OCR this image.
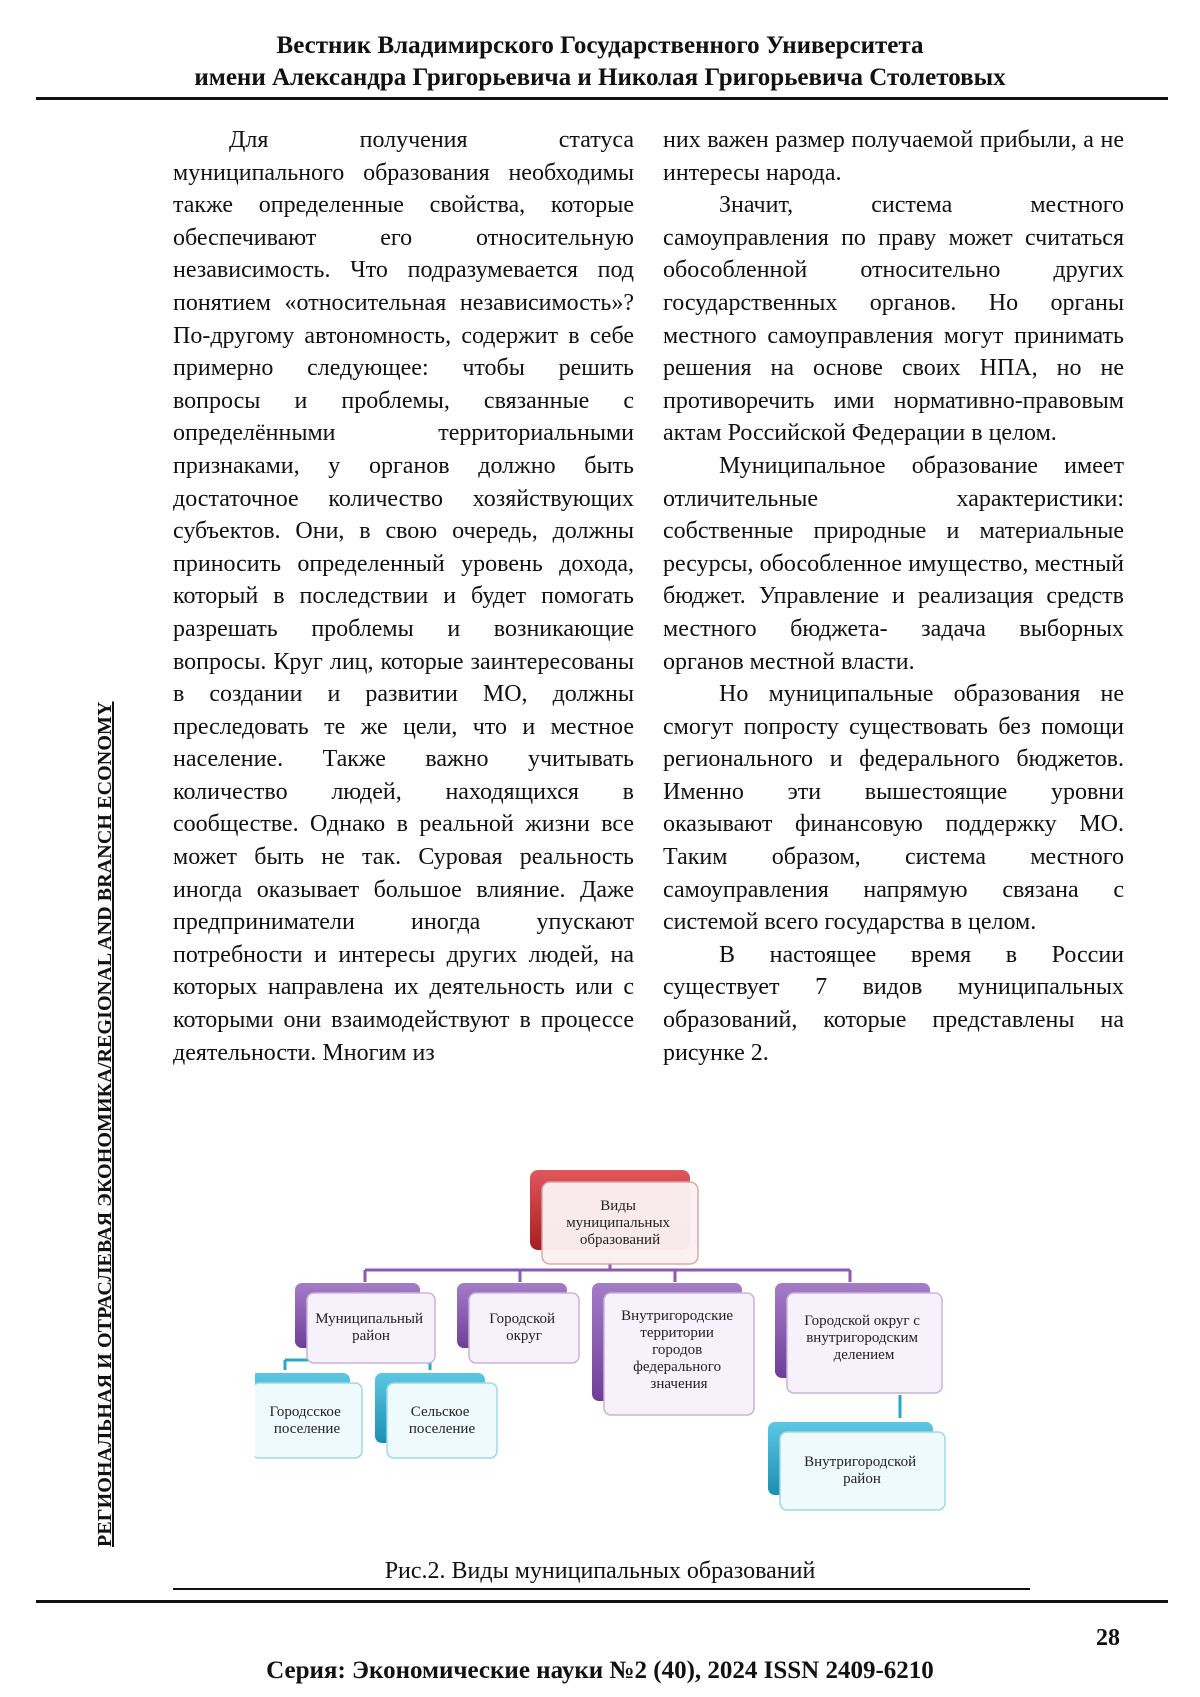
Вестник Владимирского Государственного Университета
имени Александра Григорьевича и Николая Григорьевича Столетовых
РЕГИОНАЛЬНАЯ И ОТРАСЛЕВАЯ ЭКОНОМИКА/REGIONAL AND BRANCH ECONOMY

Для получения статуса муниципального образования необходимы также определенные свойства, которые обеспечивают его относительную независимость. Что подразумевается под понятием «относительная независимость»? По-другому автономность, содержит в себе примерно следующее: чтобы решить вопросы и проблемы, связанные с определёнными территориальными признаками, у органов должно быть достаточное количество хозяйствующих субъектов. Они, в свою очередь, должны приносить определенный уровень дохода, который в последствии и будет помогать разрешать проблемы и возникающие вопросы. Круг лиц, которые заинтересованы в создании и развитии МО, должны преследовать те же цели, что и местное население. Также важно учитывать количество людей, находящихся в сообществе. Однако в реальной жизни все может быть не так. Суровая реальность иногда оказывает большое влияние. Даже предприниматели иногда упускают потребности и интересы других людей, на которых направлена их деятельность или с которыми они взаимодействуют в процессе деятельности. Многим из

них важен размер получаемой прибыли, а не интересы народа.

Значит, система местного самоуправления по праву может считаться обособленной относительно других государственных органов. Но органы местного самоуправления могут принимать решения на основе своих НПА, но не противоречить ими нормативно-правовым актам Российской Федерации в целом.

Муниципальное образование имеет отличительные характеристики: собственные природные и материальные ресурсы, обособленное имущество, местный бюджет. Управление и реализация средств местного бюджета- задача выборных органов местной власти.

Но муниципальные образования не смогут попросту существовать без помощи регионального и федерального бюджетов. Именно эти вышестоящие уровни оказывают финансовую поддержку МО. Таким образом, система местного самоуправления напрямую связана с системой всего государства в целом.

В настоящее время в России существует 7 видов муниципальных образований, которые представлены на рисунке 2.

Виды муниципальных образований
Муниципальный район
Городской округ
Внутригородские территории городов федерального значения
Городской округ с внутригородским делением
Городсское поселение
Сельское поселение
Внутригородской район
Рис.2. Виды муниципальных образований
28
Серия: Экономические науки №2 (40), 2024 ISSN 2409-6210
